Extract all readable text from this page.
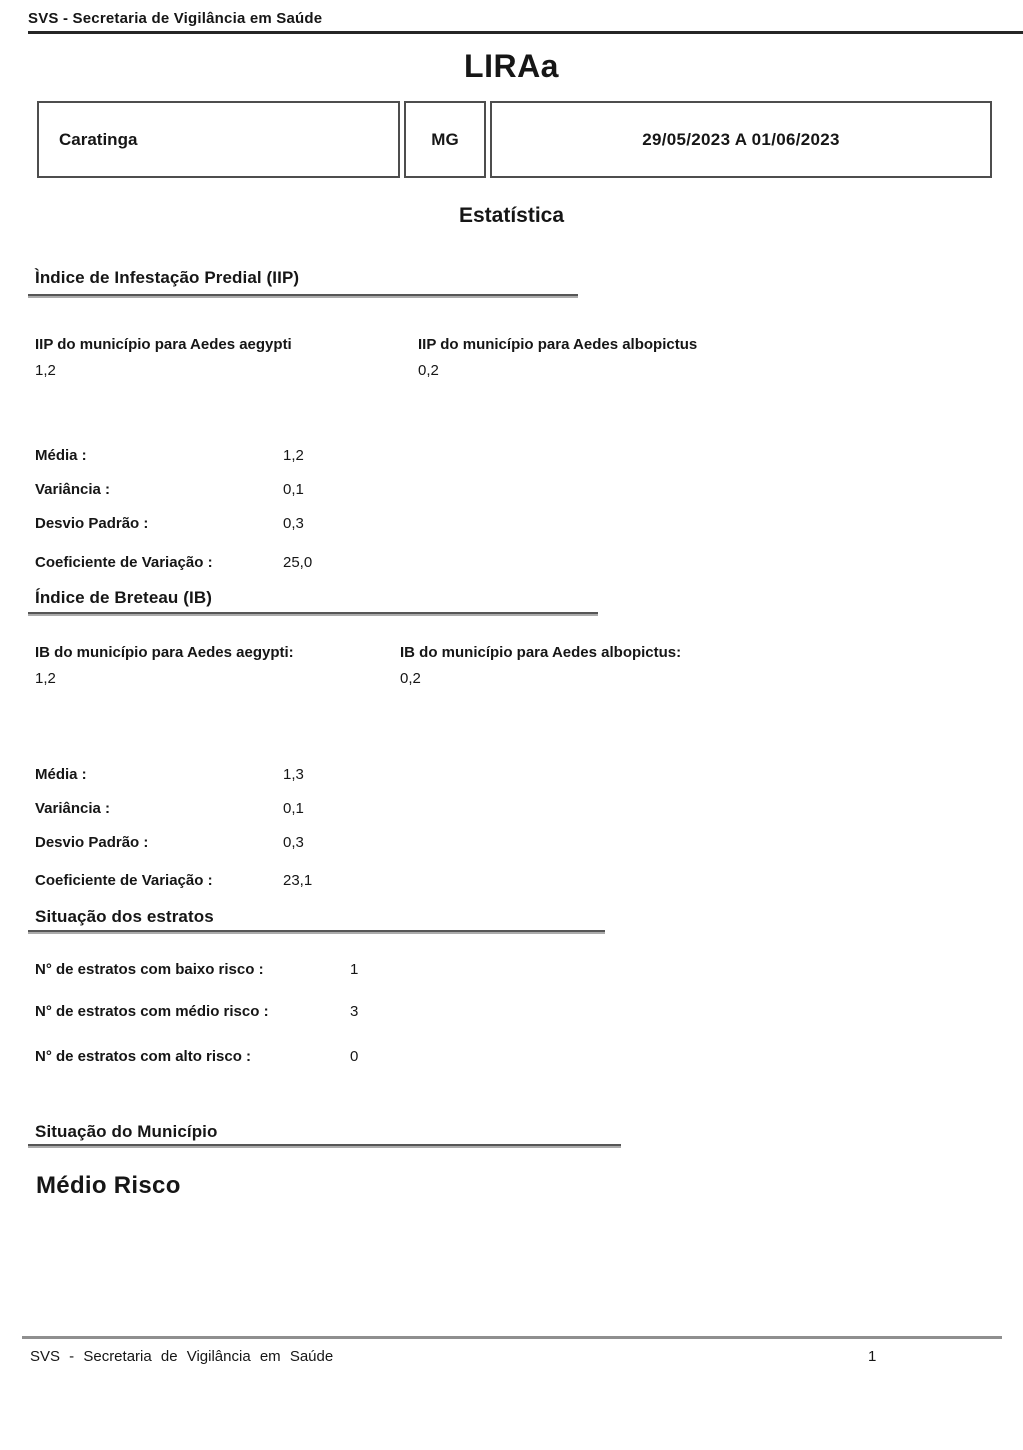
SVS - Secretaria de Vigilância em Saúde
LIRAa
Caratinga	MG	29/05/2023 A 01/06/2023
Estatística
Ìndice de Infestação Predial (IIP)
IIP do município para Aedes aegypti
1,2
IIP do município para Aedes albopictus
0,2
Média :	1,2
Variância :	0,1
Desvio Padrão :	0,3
Coeficiente de Variação :	25,0
Índice de Breteau (IB)
IB do município para Aedes aegypti:
1,2
IB do município para Aedes albopictus:
0,2
Média :	1,3
Variância :	0,1
Desvio Padrão :	0,3
Coeficiente de Variação :	23,1
Situação dos estratos
N° de estratos com baixo risco :	1
N° de estratos com médio risco :	3
N° de estratos com alto risco :	0
Situação do Município
Médio Risco
SVS - Secretaria de Vigilância em Saúde	1
